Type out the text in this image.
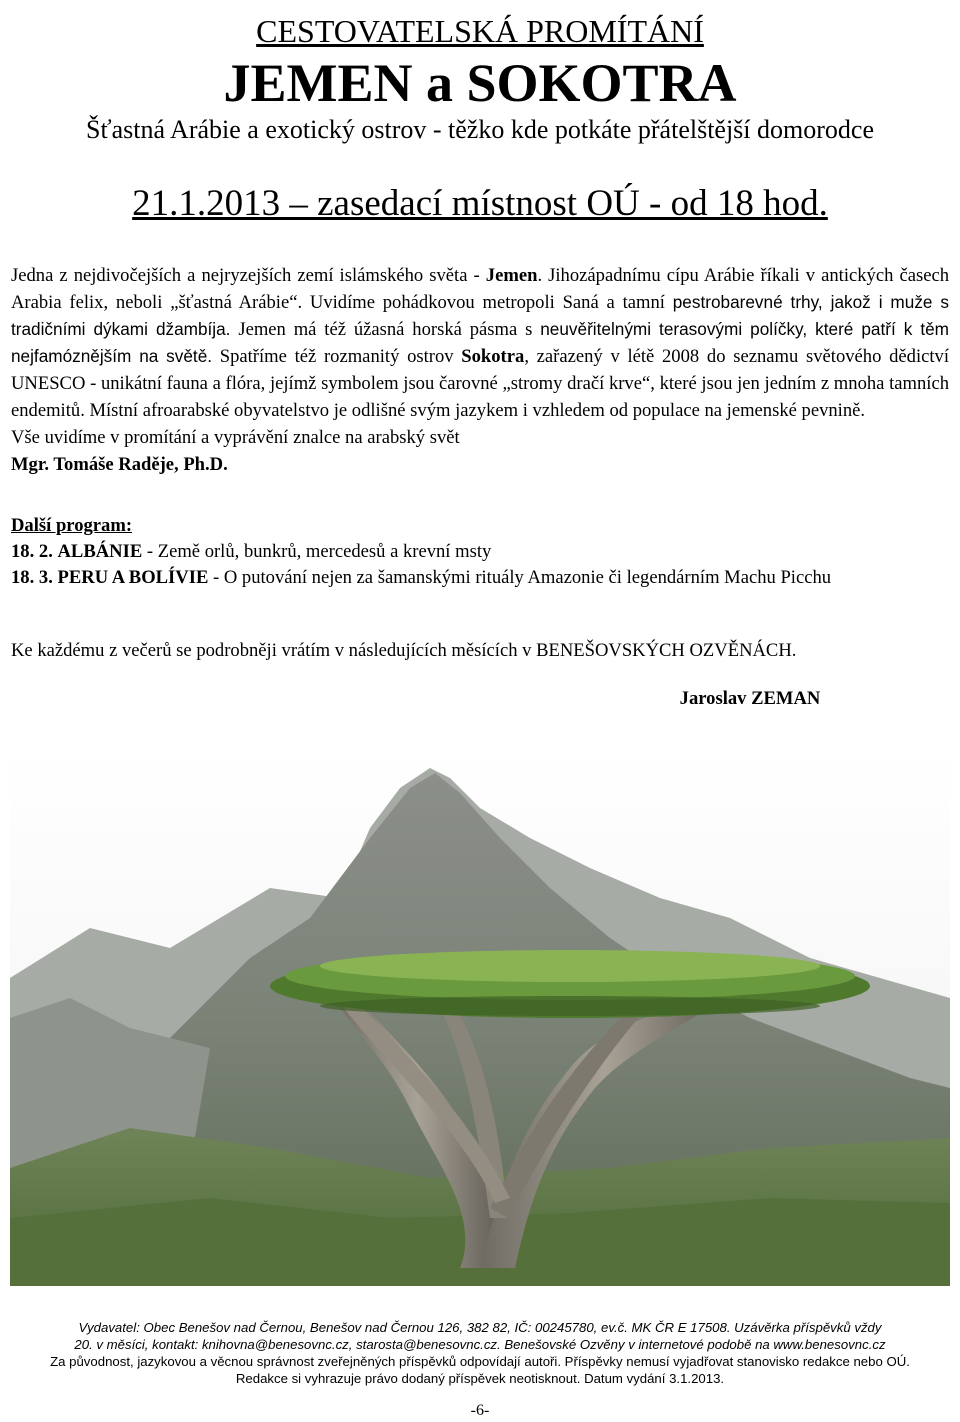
CESTOVATELSKÁ PROMÍTÁNÍ
JEMEN a SOKOTRA
Šťastná Arábie a exotický ostrov - těžko kde potkáte přátelštější domorodce
21.1.2013 – zasedací místnost OÚ - od 18 hod.

Jedna z nejdivočejších a nejryzejších zemí islámského světa - Jemen. Jihozápadnímu cípu Arábie říkali v antických časech Arabia felix, neboli „šťastná Arábie“. Uvidíme pohádkovou metropoli Saná a tamní pestrobarevné trhy, jakož i muže s tradičními dýkami džambíja. Jemen má též úžasná horská pásma s neuvěřitelnými terasovými políčky, které patří k těm nejfamóznějším na světě. Spatříme též rozmanitý ostrov Sokotra, zařazený v létě 2008 do seznamu světového dědictví UNESCO - unikátní fauna a flóra, jejímž symbolem jsou čarovné „stromy dračí krve“, které jsou jen jedním z mnoha tamních endemitů. Místní afroarabské obyvatelstvo je odlišné svým jazykem i vzhledem od populace na jemenské pevnině.

Vše uvidíme v promítání a vyprávění znalce na arabský svět

Mgr. Tomáše Raděje, Ph.D.

Další program:

18. 2. ALBÁNIE - Země orlů, bunkrů, mercedesů a krevní msty

18. 3. PERU A BOLÍVIE - O putování nejen za šamanskými rituály Amazonie či legendárním Machu Picchu

Ke každému z večerů se podrobněji vrátím v následujících měsících v BENEŠOVSKÝCH OZVĚNÁCH.
Jaroslav ZEMAN
Vydavatel: Obec Benešov nad Černou, Benešov nad Černou 126, 382 82, IČ: 00245780, ev.č. MK ČR E 17508. Uzávěrka příspěvků vždy
20. v měsíci, kontakt: knihovna@benesovnc.cz, starosta@benesovnc.cz. Benešovské Ozvěny v internetové podobě na www.benesovnc.cz
Za původnost, jazykovou a věcnou správnost zveřejněných příspěvků odpovídají autoři. Příspěvky nemusí vyjadřovat stanovisko redakce nebo OÚ.
Redakce si vyhrazuje právo dodaný příspěvek neotisknout. Datum vydání 3.1.2013.
-6-
